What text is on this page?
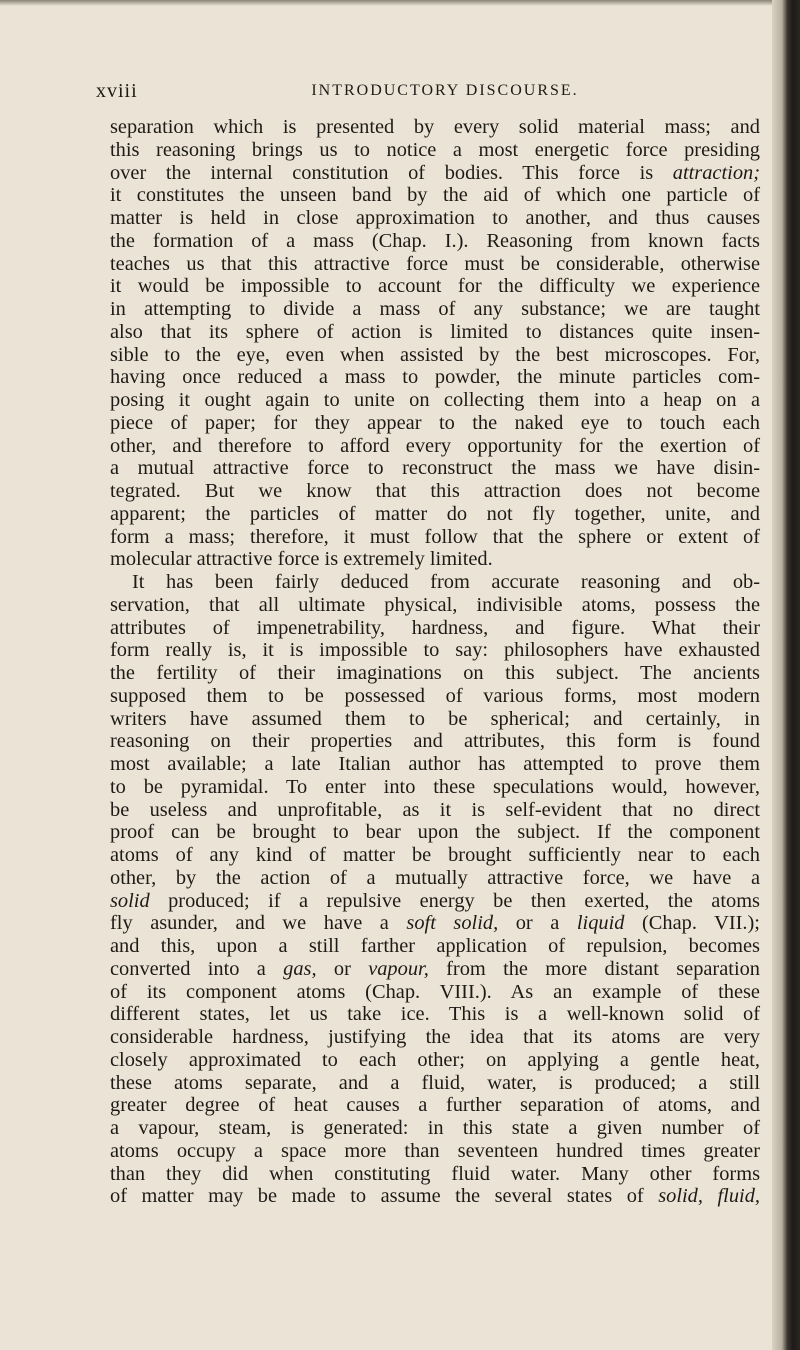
xviii	INTRODUCTORY DISCOURSE.
separation which is presented by every solid material mass; and
this reasoning brings us to notice a most energetic force presiding
over the internal constitution of bodies. This force is attraction;
it constitutes the unseen band by the aid of which one particle of
matter is held in close approximation to another, and thus causes
the formation of a mass (Chap. I.). Reasoning from known facts
teaches us that this attractive force must be considerable, otherwise
it would be impossible to account for the difficulty we experience
in attempting to divide a mass of any substance; we are taught
also that its sphere of action is limited to distances quite insen-
sible to the eye, even when assisted by the best microscopes. For,
having once reduced a mass to powder, the minute particles com-
posing it ought again to unite on collecting them into a heap on a
piece of paper; for they appear to the naked eye to touch each
other, and therefore to afford every opportunity for the exertion of
a mutual attractive force to reconstruct the mass we have disin-
tegrated. But we know that this attraction does not become
apparent; the particles of matter do not fly together, unite, and
form a mass; therefore, it must follow that the sphere or extent of
molecular attractive force is extremely limited.
It has been fairly deduced from accurate reasoning and ob-
servation, that all ultimate physical, indivisible atoms, possess the
attributes of impenetrability, hardness, and figure. What their
form really is, it is impossible to say: philosophers have exhausted
the fertility of their imaginations on this subject. The ancients
supposed them to be possessed of various forms, most modern
writers have assumed them to be spherical; and certainly, in
reasoning on their properties and attributes, this form is found
most available; a late Italian author has attempted to prove them
to be pyramidal. To enter into these speculations would, however,
be useless and unprofitable, as it is self-evident that no direct
proof can be brought to bear upon the subject. If the component
atoms of any kind of matter be brought sufficiently near to each
other, by the action of a mutually attractive force, we have a
solid produced; if a repulsive energy be then exerted, the atoms
fly asunder, and we have a soft solid, or a liquid (Chap. VII.);
and this, upon a still farther application of repulsion, becomes
converted into a gas, or vapour, from the more distant separation
of its component atoms (Chap. VIII.). As an example of these
different states, let us take ice. This is a well-known solid of
considerable hardness, justifying the idea that its atoms are very
closely approximated to each other; on applying a gentle heat,
these atoms separate, and a fluid, water, is produced; a still
greater degree of heat causes a further separation of atoms, and
a vapour, steam, is generated: in this state a given number of
atoms occupy a space more than seventeen hundred times greater
than they did when constituting fluid water. Many other forms
of matter may be made to assume the several states of solid, fluid,
